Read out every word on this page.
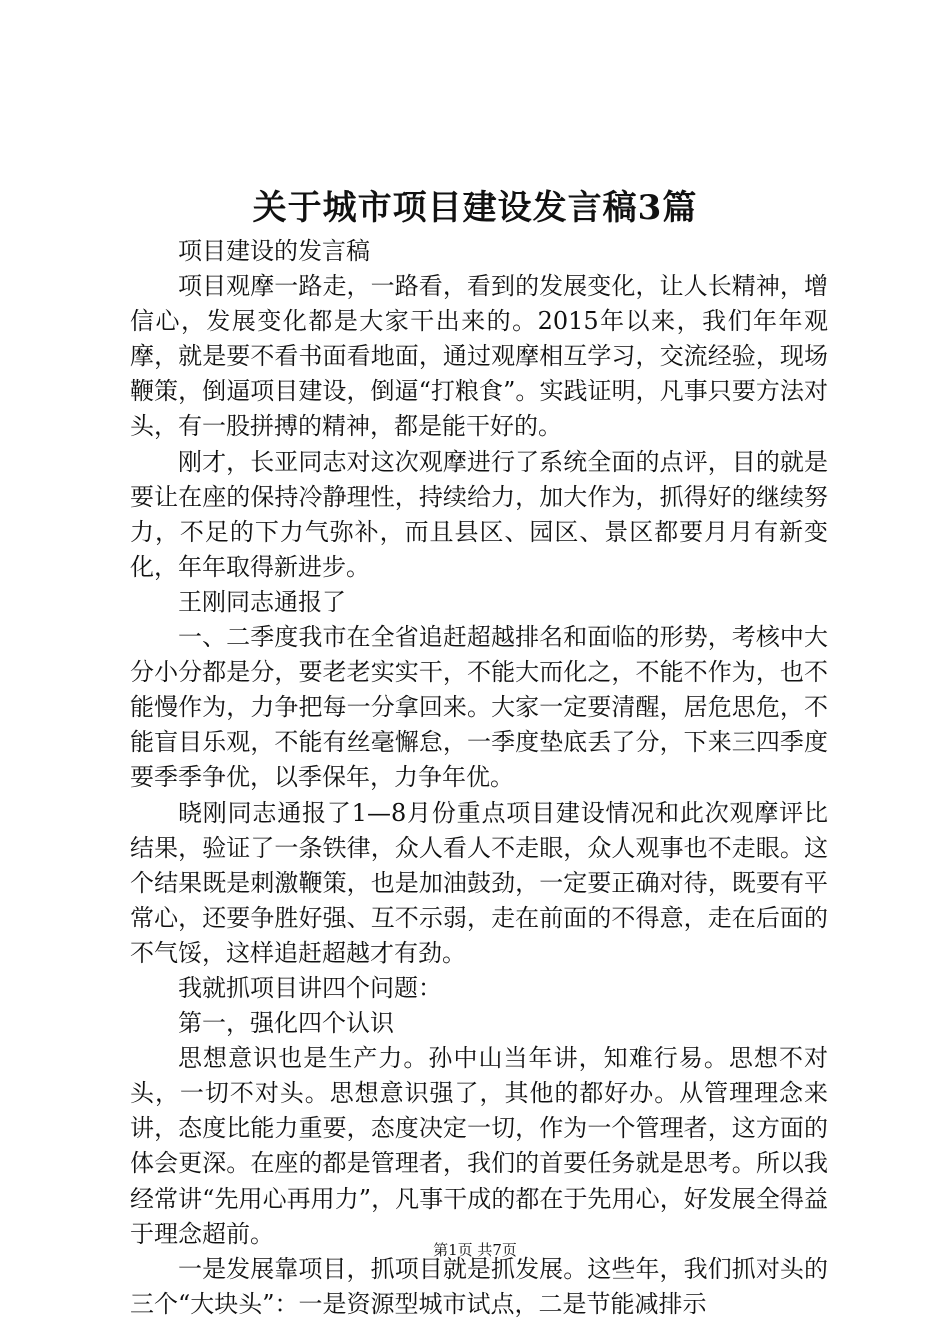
关于城市项目建设发言稿3篇

项目建设的发言稿

项目观摩一路走，一路看，看到的发展变化，让人长精神，增信心，发展变化都是大家干出来的。2015年以来，我们年年观摩，就是要不看书面看地面，通过观摩相互学习，交流经验，现场鞭策，倒逼项目建设，倒逼“打粮食”。实践证明，凡事只要方法对头，有一股拼搏的精神，都是能干好的。

刚才，长亚同志对这次观摩进行了系统全面的点评，目的就是要让在座的保持冷静理性，持续给力，加大作为，抓得好的继续努力，不足的下力气弥补，而且县区、园区、景区都要月月有新变化，年年取得新进步。

王刚同志通报了

一、二季度我市在全省追赶超越排名和面临的形势，考核中大分小分都是分，要老老实实干，不能大而化之，不能不作为，也不能慢作为，力争把每一分拿回来。大家一定要清醒，居危思危，不能盲目乐观，不能有丝毫懈怠，一季度垫底丢了分，下来三四季度要季季争优，以季保年，力争年优。

晓刚同志通报了1—8月份重点项目建设情况和此次观摩评比结果，验证了一条铁律，众人看人不走眼，众人观事也不走眼。这个结果既是刺激鞭策，也是加油鼓劲，一定要正确对待，既要有平常心，还要争胜好强、互不示弱，走在前面的不得意，走在后面的不气馁，这样追赶超越才有劲。

我就抓项目讲四个问题：

第一，强化四个认识

思想意识也是生产力。孙中山当年讲，知难行易。思想不对头，一切不对头。思想意识强了，其他的都好办。从管理理念来讲，态度比能力重要，态度决定一切，作为一个管理者，这方面的体会更深。在座的都是管理者，我们的首要任务就是思考。所以我经常讲“先用心再用力”，凡事干成的都在于先用心，好发展全得益于理念超前。

一是发展靠项目，抓项目就是抓发展。这些年，我们抓对头的三个“大块头”：一是资源型城市试点，二是节能减排示

第1页 共7页
